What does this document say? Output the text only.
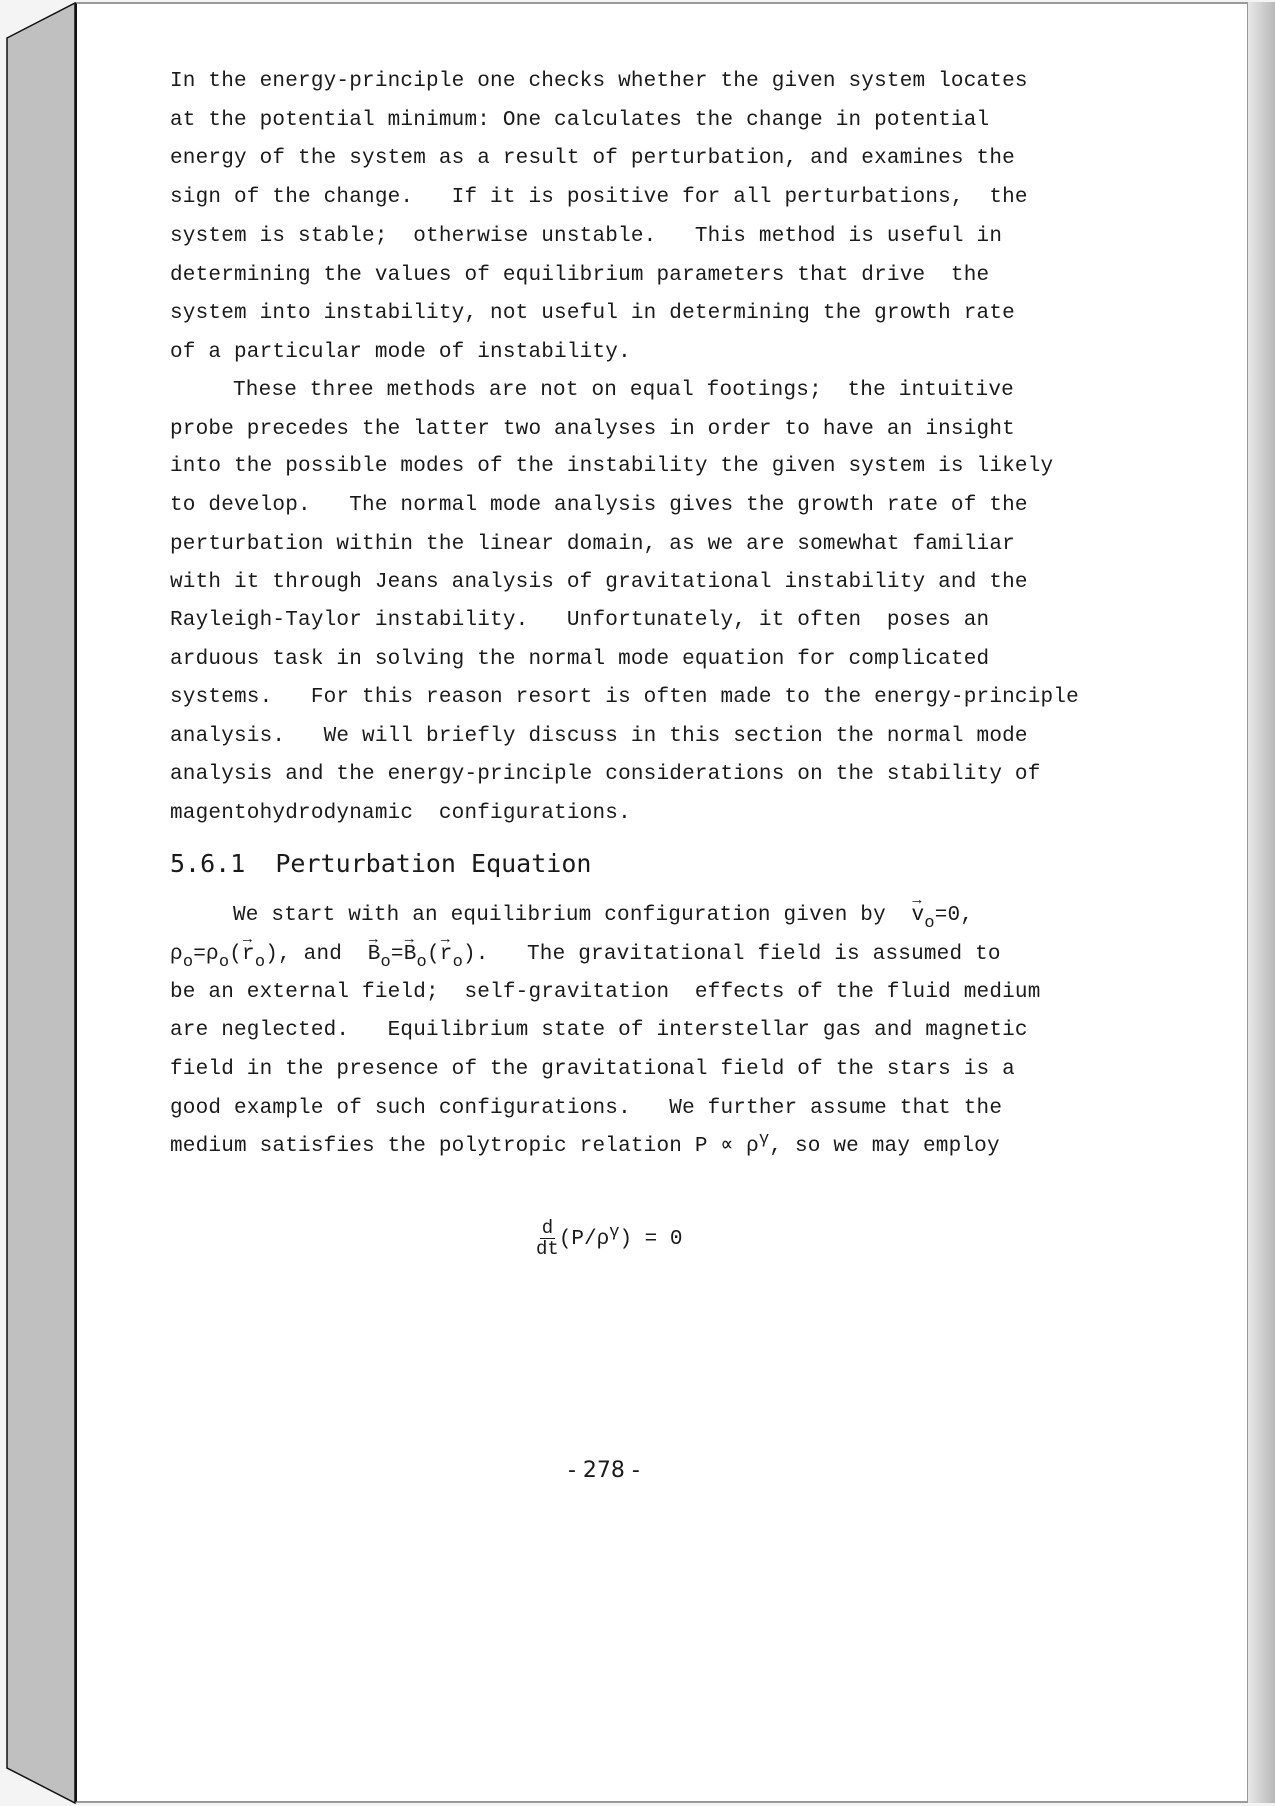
In the energy-principle one checks whether the given system locates
at the potential minimum: One calculates the change in potential
energy of the system as a result of perturbation, and examines the
sign of the change.   If it is positive for all perturbations,  the
system is stable;  otherwise unstable.   This method is useful in
determining the values of equilibrium parameters that drive  the
system into instability, not useful in determining the growth rate
of a particular mode of instability.
These three methods are not on equal footings;  the intuitive
probe precedes the latter two analyses in order to have an insight
into the possible modes of the instability the given system is likely
to develop.   The normal mode analysis gives the growth rate of the
perturbation within the linear domain, as we are somewhat familiar
with it through Jeans analysis of gravitational instability and the
Rayleigh-Taylor instability.   Unfortunately, it often  poses an
arduous task in solving the normal mode equation for complicated
systems.   For this reason resort is often made to the energy-principle
analysis.   We will briefly discuss in this section the normal mode
analysis and the energy-principle considerations on the stability of
magentohydrodynamic  configurations.
5.6.1  Perturbation Equation
We start with an equilibrium configuration given by  → $v_o=0$,
$\rho_o=\rho_o(\to r_o)$, and  → $B_o=\to B_o(\to r_o)$.   The gravitational field is assumed to
be an external field;  self-gravitation  effects of the fluid medium
are neglected.   Equilibrium state of interstellar gas and magnetic
field in the presence of the gravitational field of the stars is a
good example of such configurations.   We further assume that the
medium satisfies the polytropic relation $P \propto \rho^\gamma$, so we may employ
$\frac{d}{dt} (P/\rho^\gamma) = 0$
- 278 -
